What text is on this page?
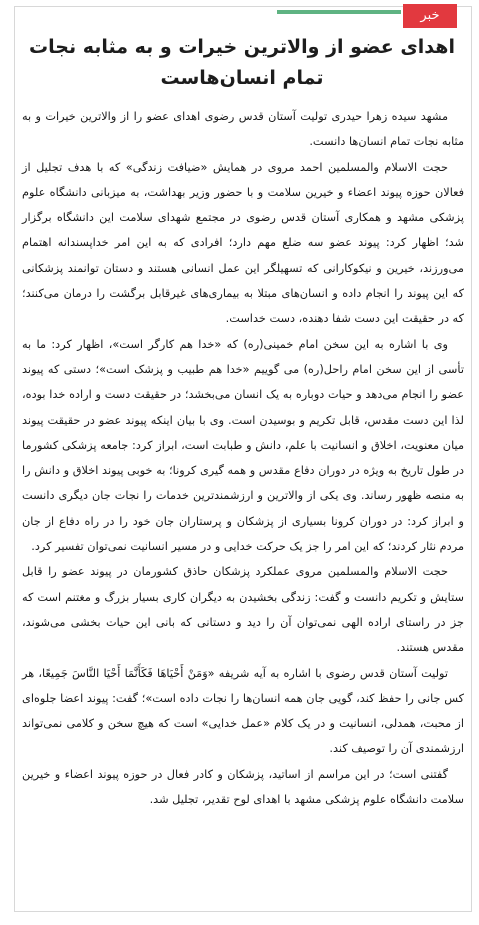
خبر
اهدای عضو از والاترین خیرات و به مثابه نجات تمام انسان‌هاست

مشهد سیده زهرا حیدری تولیت آستان قدس رضوی اهدای عضو را از والاترین خیرات و به مثابه نجات تمام انسان‌ها دانست.

حجت الاسلام والمسلمین احمد مروی در همایش «ضیافت زندگی» که با هدف تجلیل از فعالان حوزه پیوند اعضاء و خیرین سلامت و با حضور وزیر بهداشت، به میزبانی دانشگاه علوم پزشکی مشهد و همکاری آستان قدس رضوی در مجتمع شهدای سلامت این دانشگاه برگزار شد؛ اظهار کرد: پیوند عضو سه ضلع مهم دارد؛ افرادی که به این امر خداپسندانه اهتمام می‌ورزند، خیرین و نیکوکارانی که تسهیلگر این عمل انسانی هستند و دستان توانمند پزشکانی که این پیوند را انجام داده و انسان‌های مبتلا به بیماری‌های غیرقابل برگشت را درمان می‌کنند؛ که در حقیقت این دست شفا دهنده، دست خداست.

وی با اشاره به این سخن امام خمینی(ره) که «خدا هم کارگر است»، اظهار کرد: ما به تأسی از این سخن امام راحل(ره) می گوییم «خدا هم طبیب و پزشک است»؛ دستی که پیوند عضو را انجام می‌دهد و حیات دوباره به یک انسان می‌بخشد؛ در حقیقت دست و اراده خدا بوده، لذا این دست مقدس، قابل تکریم و بوسیدن است. وی با بیان اینکه پیوند عضو در حقیقت پیوند میان معنویت، اخلاق و انسانیت با علم، دانش و طبابت است، ابراز کرد: جامعه پزشکی کشورما در طول تاریخ به ویژه در دوران دفاع مقدس و همه گیری کرونا؛ به خوبی پیوند اخلاق و دانش را به منصه ظهور رساند. وی یکی از والاترین و ارزشمندترین خدمات را نجات جان دیگری دانست و ابراز کرد: در دوران کرونا بسیاری از پزشکان و پرستاران جان خود را در راه دفاع از جان مردم نثار کردند؛ که این امر را جز یک حرکت خدایی و در مسیر انسانیت نمی‌توان تفسیر کرد.

حجت الاسلام والمسلمین مروی عملکرد پزشکان حاذق کشورمان در پیوند عضو را قابل ستایش و تکریم دانست و گفت: زندگی بخشیدن به دیگران کاری بسیار بزرگ و مغتنم است که جز در راستای اراده الهی نمی‌توان آن را دید و دستانی که بانی این حیات بخشی می‌شوند، مقدس هستند.

تولیت آستان قدس رضوی با اشاره به آیه شریفه «وَمَنْ أَحْيَاهَا فَكَأَنَّمَا أَحْيَا النَّاسَ جَمِيعًا، هر کس جانی را حفظ کند، گویی جان همه انسان‌ها را نجات داده است»؛ گفت: پیوند اعضا جلوه‌ای از محبت، همدلی، انسانیت و در یک کلام «عمل خدایی» است که هیچ سخن و کلامی نمی‌تواند ارزشمندی آن را توصیف کند.

گفتنی است؛ در این مراسم از اساتید، پزشکان و کادر فعال در حوزه پیوند اعضاء و خیرین سلامت دانشگاه علوم پزشکی مشهد با اهدای لوح تقدیر، تجلیل شد.
